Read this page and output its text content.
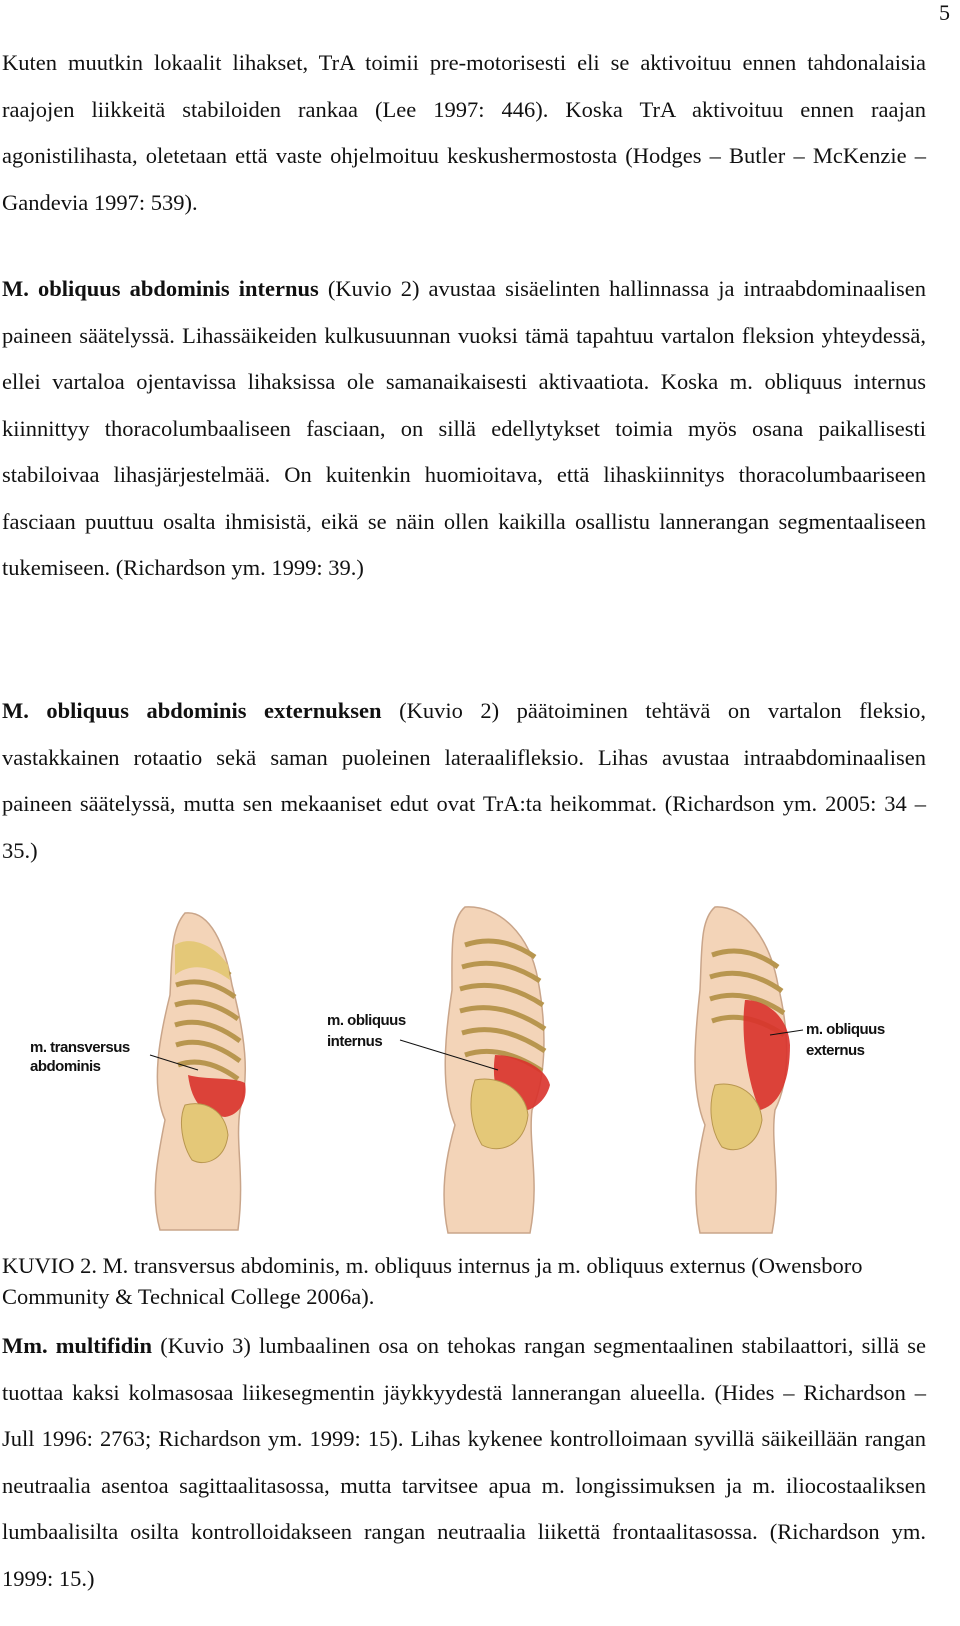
5

Kuten muutkin lokaalit lihakset, TrA toimii pre-motorisesti eli se aktivoituu ennen tahdonalaisia raajojen liikkeitä stabiloiden rankaa (Lee 1997: 446). Koska TrA aktivoituu ennen raajan agonistilihasta, oletetaan että vaste ohjelmoituu keskushermostosta (Hodges – Butler – McKenzie – Gandevia 1997: 539).

M. obliquus abdominis internus (Kuvio 2) avustaa sisäelinten hallinnassa ja intraabdominaalisen paineen säätelyssä. Lihassäikeiden kulkusuunnan vuoksi tämä tapahtuu vartalon fleksion yhteydessä, ellei vartaloa ojentavissa lihaksissa ole samanaikaisesti aktivaatiota. Koska m. obliquus internus kiinnittyy thoracolumbaaliseen fasciaan, on sillä edellytykset toimia myös osana paikallisesti stabiloivaa lihasjärjestelmää. On kuitenkin huomioitava, että lihaskiinnitys thoracolumbaariseen fasciaan puuttuu osalta ihmisistä, eikä se näin ollen kaikilla osallistu lannerangan segmentaaliseen tukemiseen. (Richardson ym. 1999: 39.)

M. obliquus abdominis externuksen (Kuvio 2) päätoiminen tehtävä on vartalon fleksio, vastakkainen rotaatio sekä saman puoleinen lateraalifleksio. Lihas avustaa intraabdominaalisen paineen säätelyssä, mutta sen mekaaniset edut ovat TrA:ta heikommat. (Richardson ym. 2005: 34 – 35.)

m. transversus
abdominis
m. obliquus
internus
m. obliquus
externus

KUVIO 2. M. transversus abdominis, m. obliquus internus ja m. obliquus externus (Owensboro Community & Technical College 2006a).

Mm. multifidin (Kuvio 3) lumbaalinen osa on tehokas rangan segmentaalinen stabilaattori, sillä se tuottaa kaksi kolmasosaa liikesegmentin jäykkyydestä lannerangan alueella. (Hides – Richardson – Jull 1996: 2763; Richardson ym. 1999: 15). Lihas kykenee kontrolloimaan syvillä säikeillään rangan neutraalia asentoa sagittaalitasossa, mutta tarvitsee apua m. longissimuksen ja m. iliocostaaliksen lumbaalisilta osilta kontrolloidakseen rangan neutraalia liikettä frontaalitasossa. (Richardson ym. 1999: 15.)
